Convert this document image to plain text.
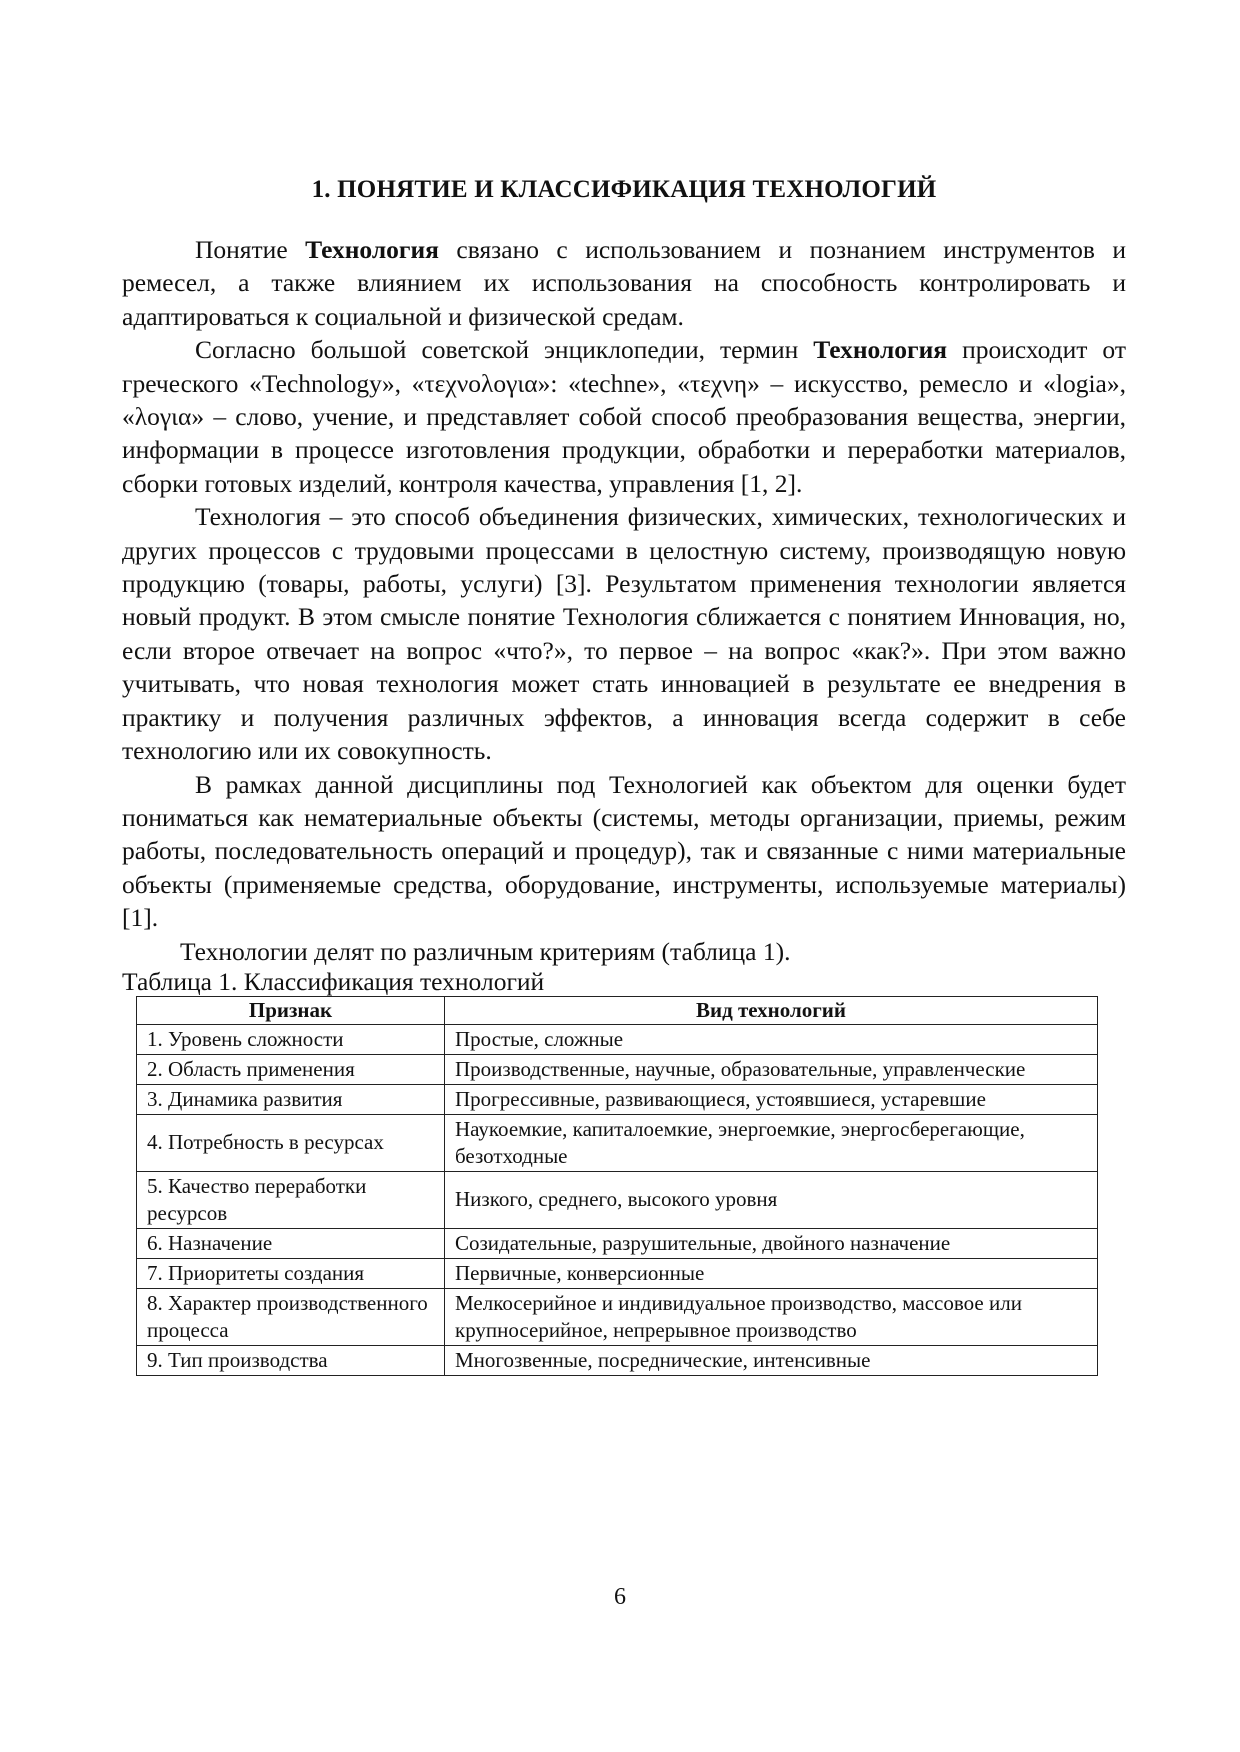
1. ПОНЯТИЕ И КЛАССИФИКАЦИЯ ТЕХНОЛОГИЙ

Понятие Технология связано с использованием и познанием инструментов и ремесел, а также влиянием их использования на способность контролировать и адаптироваться к социальной и физической средам.

Согласно большой советской энциклопедии, термин Технология происходит от греческого «Technology», «τεχνολογια»: «techne», «τεχνη» – искусство, ремесло и «logia», «λογια» – слово, учение, и представляет собой способ преобразования вещества, энергии, информации в процессе изготовления продукции, обработки и переработки материалов, сборки готовых изделий, контроля качества, управления [1, 2].

Технология – это способ объединения физических, химических, технологических и других процессов с трудовыми процессами в целостную систему, производящую новую продукцию (товары, работы, услуги) [3]. Результатом применения технологии является новый продукт. В этом смысле понятие Технология сближается с понятием Инновация, но, если второе отвечает на вопрос «что?», то первое – на вопрос «как?». При этом важно учитывать, что новая технология может стать инновацией в результате ее внедрения в практику и получения различных эффектов, а инновация всегда содержит в себе технологию или их совокупность.

В рамках данной дисциплины под Технологией как объектом для оценки будет пониматься как нематериальные объекты (системы, методы организации, приемы, режим работы, последовательность операций и процедур), так и связанные с ними материальные объекты (применяемые средства, оборудование, инструменты, используемые материалы) [1].

Технологии делят по различным критериям (таблица 1).

Таблица 1. Классификация технологий

Признак	Вид технологий
1. Уровень сложности	Простые, сложные
2. Область применения	Производственные, научные, образовательные, управленческие
3. Динамика развития	Прогрессивные, развивающиеся, устоявшиеся, устаревшие
4. Потребность в ресурсах	Наукоемкие, капиталоемкие, энергоемкие, энергосберегающие, безотходные
5. Качество переработки ресурсов	Низкого, среднего, высокого уровня
6. Назначение	Созидательные, разрушительные, двойного назначение
7. Приоритеты создания	Первичные, конверсионные
8. Характер производственного процесса	Мелкосерийное и индивидуальное производство, массовое или крупносерийное, непрерывное производство
9. Тип производства	Многозвенные, посреднические, интенсивные
6
